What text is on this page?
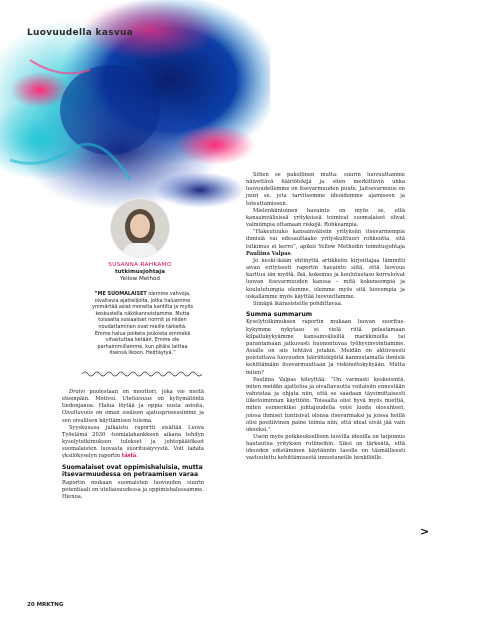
Luovuudella kasvua
SUSANNA RAHKAMO
tutkimusjohtaja
Yellow Method
”ME SUOMALAISET olemme vahvoja, oivaltavia ajattelijoita, jotka haluamme ymmärtää asiat monelta kantilta ja myös keskustella näkökannoistamme. Mutta toisaalta sosiaaliset normit ja niiden noudattaminen ovat meille tärkeitä. Emme halua poiketa joukosta emmekä vihastuttaa ketään. Emme ole parhaimmillamme, kun pitäisi laittaa itsensä likoon. Heittäytyä.”

Draivi puolestaan on moottori, joka vie meitä eteenpäin. Motivoi. Uteliaisuus on kyltymätöntä tiedonjanoa. Halua löytää ja oppia uusia asioita. Oivaltavuus on oman sisäisen ajatusprosessimme ja sen oivallisen käyttämisen tulema.

Syyskuussa julkaistu raportti sisältää Luova Työelämä 2030 -toimialahankkeen aikana tehdyn kyselytutkimuksen tulokset ja johtopäätökset suomalaisten luovasta suorituskyvystä. Voit ladata yksilökyselyn raportin tästä.

Suomalaiset ovat oppimishaluisia, mutta itsevarmuudessa on petraamisen varaa

Raportin mukaan suomaisten luovuuden suurin potentiaali on uteliaisuudessa ja oppimishalussamme. Hienoa.

Sitten se pakollinen mutta: suurin luovuuttamme näivettävä häiriötekijä ja siten merkittävin uhka luovuudellemme on itsevarmuuden puute. Jaitsevarmuus on juuri se, jota tarvitsemme ideoidemme ajamiseen ja toteuttamiseen.

Mielenkiintoinen havainto on myös se, että kansainvälisissä yrityksissä toimivat suomalaiset olivat valmiimpia ottamaan riskejä. Rohkeampia.

”Hakeutuuko kansainvälisiin yrityksiin itsevarmempia ihmisiä vai edesauttaako yrityskulttuuri rohkeutta, sitä tutkimus ei kerro”, apikoi Yellow Methodin toimitusjohtaja Pauliina Valpas.

Jo keski-ikään ehtinyttä artikkelin kirjoittajaa lämmitti aivan erityisesti raportin havainto siitä, että luovuus karttuu iän myötä. Ikä, kokemus ja koulutustaso korreloivat luovan itsevarmuuden kanssa – mitä kokeneempia ja koulutetumpia olemme, olemme myös sitä luovempia ja uskallamme myös käyttää luovuuttamme.

Siinäpä ikärasisteille pohdittavaa.

Summa summarum

Kyselytutkimuksen raportin mukaan luovan suorituskykymme nykytaso ei vielä riitä pelastamaan kilpailukykyämme kansainvälisillä markkinoilla tai parantamaan jatkuvasti huonontuvaa työhyvinvointiamme. Asialle on siis tehtävä jotakin. Meidän on aktiivisesti poistettava luovuuden häiriötekijöitä kannustamalla ihmisiä kehittämään itsevarmuuttaan ja riskinottokykyään. Mutta miten?

Pauliina Valpas kiteyttää: ”On varmasti keskeisintä, miten meidän ajattelua ja oivaltavuutta voitaisiin ennestään vahvistaa ja ohjata niin, että se saadaan täysimittaisesti liiketoiminnan käyttöön. Toisaalta olisi hyvä myös miettiä, miten esimerkiksi johtajuudella voisi luoda olosuhteet, joissa ihmiset tuntisivat olonsa itsevarmaksi ja joissa heillä olisi positiivinen paine toimia niin, että ideat eivät jää vain ideoiksi.”

Usein myös poikkeuksellisen luovilla ideoilla on taipumus hautautua yrityksen rutiineihin. Siksi on tärkeätä, että ideoiden edistäminen käytännön tasolle on täsmällisesti vastuutettu kehittämisestä innostuneille henkilöille.

>
20 MRKTNG
